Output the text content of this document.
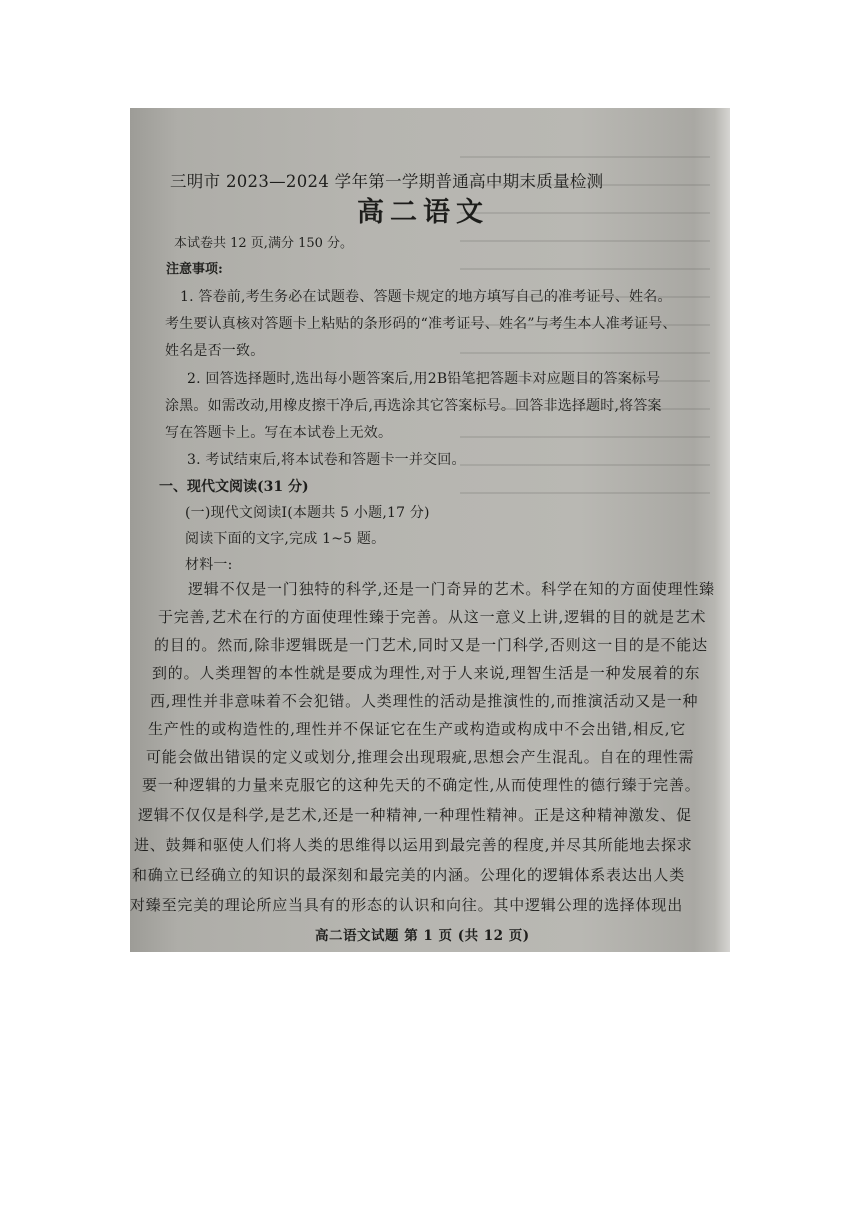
三明市 2023—2024 学年第一学期普通高中期末质量检测
高二语文
本试卷共 12 页,满分 150 分。
注意事项:
1. 答卷前,考生务必在试题卷、答题卡规定的地方填写自己的准考证号、姓名。
考生要认真核对答题卡上粘贴的条形码的“准考证号、姓名”与考生本人准考证号、
姓名是否一致。
2. 回答选择题时,选出每小题答案后,用2B铅笔把答题卡对应题目的答案标号
涂黑。如需改动,用橡皮擦干净后,再选涂其它答案标号。回答非选择题时,将答案
写在答题卡上。写在本试卷上无效。
3. 考试结束后,将本试卷和答题卡一并交回。
一、现代文阅读(31 分)
(一)现代文阅读I(本题共 5 小题,17 分)
阅读下面的文字,完成 1~5 题。
材料一:
逻辑不仅是一门独特的科学,还是一门奇异的艺术。科学在知的方面使理性臻
于完善,艺术在行的方面使理性臻于完善。从这一意义上讲,逻辑的目的就是艺术
的目的。然而,除非逻辑既是一门艺术,同时又是一门科学,否则这一目的是不能达
到的。人类理智的本性就是要成为理性,对于人来说,理智生活是一种发展着的东
西,理性并非意味着不会犯错。人类理性的活动是推演性的,而推演活动又是一种
生产性的或构造性的,理性并不保证它在生产或构造或构成中不会出错,相反,它
可能会做出错误的定义或划分,推理会出现瑕疵,思想会产生混乱。自在的理性需
要一种逻辑的力量来克服它的这种先天的不确定性,从而使理性的德行臻于完善。
逻辑不仅仅是科学,是艺术,还是一种精神,一种理性精神。正是这种精神激发、促
进、鼓舞和驱使人们将人类的思维得以运用到最完善的程度,并尽其所能地去探求
和确立已经确立的知识的最深刻和最完美的内涵。公理化的逻辑体系表达出人类
对臻至完美的理论所应当具有的形态的认识和向往。其中逻辑公理的选择体现出
高二语文试题 第 1 页 (共 12 页)
